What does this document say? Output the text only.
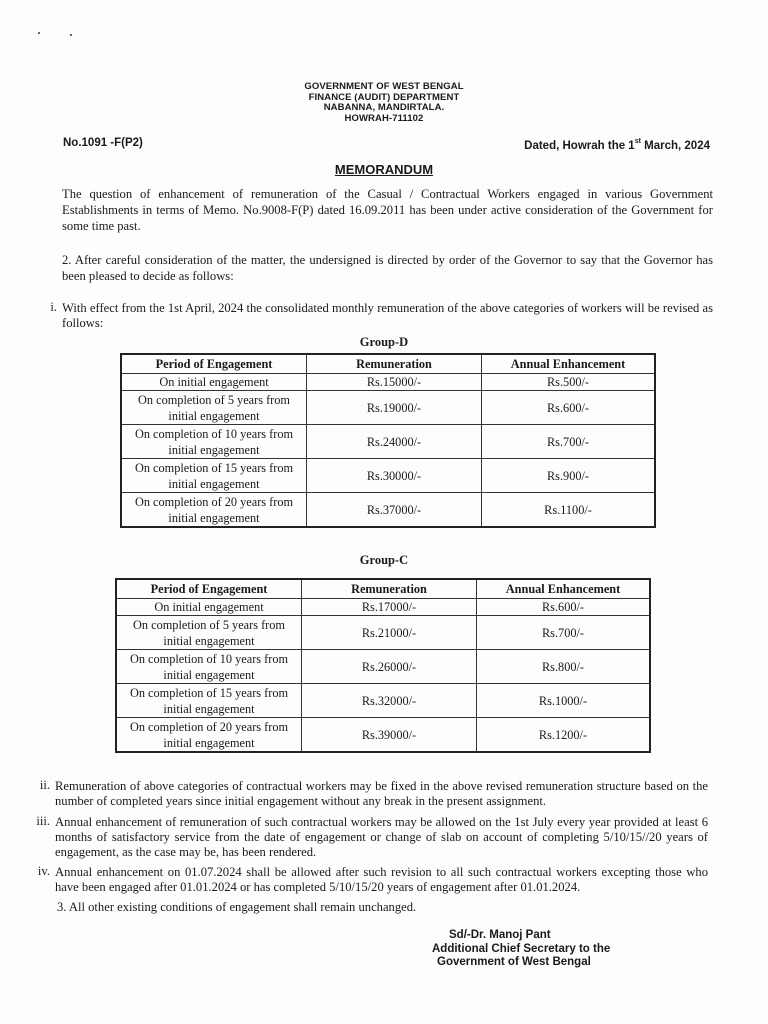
GOVERNMENT OF WEST BENGAL
FINANCE (AUDIT) DEPARTMENT
NABANNA, MANDIRTALA.
HOWRAH-711102
No.1091 -F(P2)	Dated, Howrah the 1st March, 2024
MEMORANDUM
The question of enhancement of remuneration of the Casual / Contractual Workers engaged in various Government Establishments in terms of Memo. No.9008-F(P) dated 16.09.2011 has been under active consideration of the Government for some time past.
2. After careful consideration of the matter, the undersigned is directed by order of the Governor to say that the Governor has been pleased to decide as follows:
i. With effect from the 1st April, 2024 the consolidated monthly remuneration of the above categories of workers will be revised as follows:
Group-D
Period of Engagement	Remuneration	Annual Enhancement
On initial engagement	Rs.15000/-	Rs.500/-
On completion of 5 years from initial engagement	Rs.19000/-	Rs.600/-
On completion of 10 years from initial engagement	Rs.24000/-	Rs.700/-
On completion of 15 years from initial engagement	Rs.30000/-	Rs.900/-
On completion of 20 years from initial engagement	Rs.37000/-	Rs.1100/-
Group-C
Period of Engagement	Remuneration	Annual Enhancement
On initial engagement	Rs.17000/-	Rs.600/-
On completion of 5 years from initial engagement	Rs.21000/-	Rs.700/-
On completion of 10 years from initial engagement	Rs.26000/-	Rs.800/-
On completion of 15 years from initial engagement	Rs.32000/-	Rs.1000/-
On completion of 20 years from initial engagement	Rs.39000/-	Rs.1200/-
ii. Remuneration of above categories of contractual workers may be fixed in the above revised remuneration structure based on the number of completed years since initial engagement without any break in the present assignment.
iii. Annual enhancement of remuneration of such contractual workers may be allowed on the 1st July every year provided at least 6 months of satisfactory service from the date of engagement or change of slab on account of completing 5/10/15//20 years of engagement, as the case may be, has been rendered.
iv. Annual enhancement on 01.07.2024 shall be allowed after such revision to all such contractual workers excepting those who have been engaged after 01.01.2024 or has completed 5/10/15/20 years of engagement after 01.01.2024.
3. All other existing conditions of engagement shall remain unchanged.
Sd/-Dr. Manoj Pant
Additional Chief Secretary to the
Government of West Bengal
